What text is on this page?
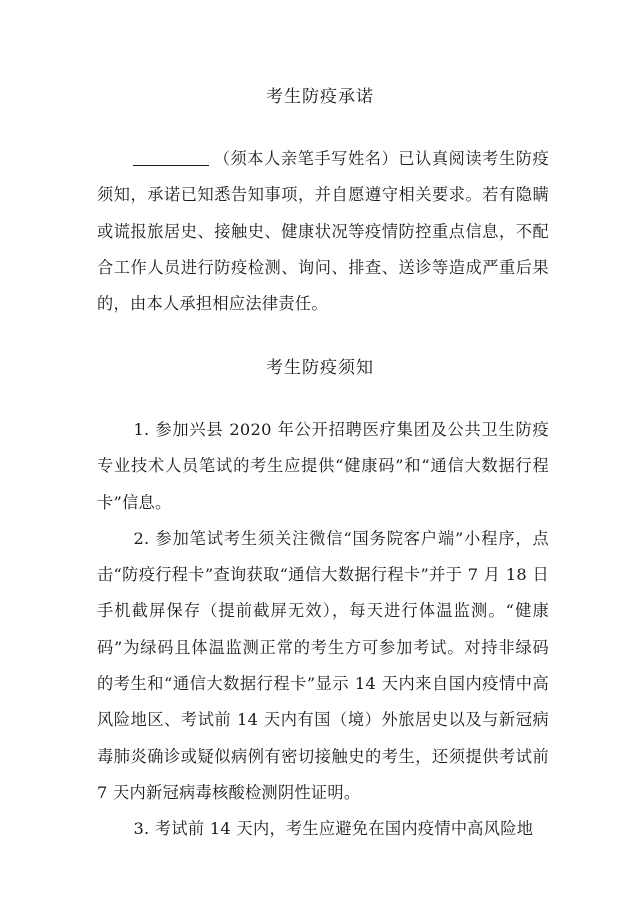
考生防疫承诺

（须本人亲笔手写姓名）已认真阅读考生防疫须知，承诺已知悉告知事项，并自愿遵守相关要求。若有隐瞒或谎报旅居史、接触史、健康状况等疫情防控重点信息，不配合工作人员进行防疫检测、询问、排查、送诊等造成严重后果的，由本人承担相应法律责任。

考生防疫须知

1. 参加兴县 2020 年公开招聘医疗集团及公共卫生防疫专业技术人员笔试的考生应提供“健康码”和“通信大数据行程卡”信息。

2. 参加笔试考生须关注微信“国务院客户端”小程序，点击“防疫行程卡”查询获取“通信大数据行程卡”并于 7 月 18 日手机截屏保存（提前截屏无效），每天进行体温监测。“健康码”为绿码且体温监测正常的考生方可参加考试。对持非绿码的考生和“通信大数据行程卡”显示 14 天内来自国内疫情中高风险地区、考试前 14 天内有国（境）外旅居史以及与新冠病毒肺炎确诊或疑似病例有密切接触史的考生，还须提供考试前 7 天内新冠病毒核酸检测阴性证明。

3. 考试前 14 天内，考生应避免在国内疫情中高风险地
